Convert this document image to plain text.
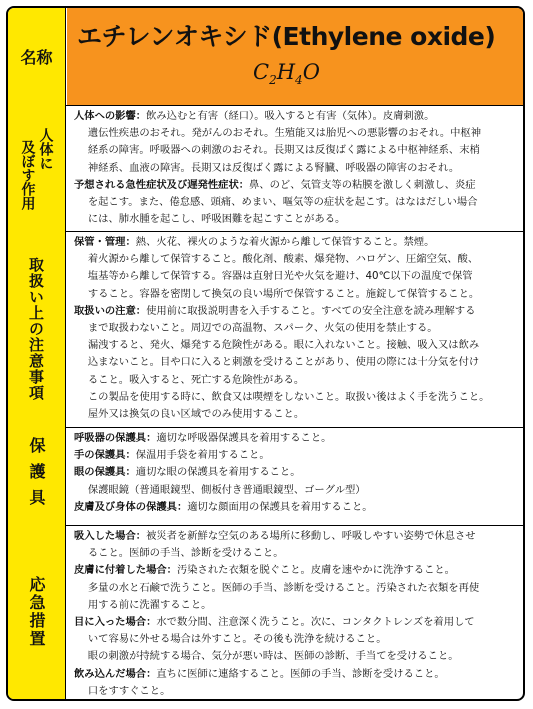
名称
エチレンオキシド(Ethylene oxide)
$C_2H_4O$
人体に
及ぼす作用

人体への影響：飲み込むと有害（経口）。吸入すると有害（気体）。皮膚刺激。

遺伝性疾患のおそれ。発がんのおそれ。生殖能又は胎児への悪影響のおそれ。中枢神

経系の障害。呼吸器への刺激のおそれ。長期又は反復ばく露による中枢神経系、末梢

神経系、血液の障害。長期又は反復ばく露による腎臓、呼吸器の障害のおそれ。

予想される急性症状及び遅発性症状：鼻、のど、気管支等の粘膜を激しく刺激し、炎症

を起こす。また、倦怠感、頭痛、めまい、嘔気等の症状を起こす。はなはだしい場合

には、肺水腫を起こし、呼吸困難を起こすことがある。

取扱い上の注意事項

保管・管理：熱、火花、裸火のような着火源から離して保管すること。禁煙。

着火源から離して保管すること。酸化剤、酸素、爆発物、ハロゲン、圧縮空気、酸、

塩基等から離して保管する。容器は直射日光や火気を避け、40℃以下の温度で保管

すること。容器を密閉して換気の良い場所で保管すること。施錠して保管すること。

取扱いの注意：使用前に取扱説明書を入手すること。すべての安全注意を読み理解する

まで取扱わないこと。周辺での高温物、スパーク、火気の使用を禁止する。

漏洩すると、発火、爆発する危険性がある。眼に入れないこと。接触、吸入又は飲み

込まないこと。目や口に入ると刺激を受けることがあり、使用の際には十分気を付け

ること。吸入すると、死亡する危険性がある。

この製品を使用する時に、飲食又は喫煙をしないこと。取扱い後はよく手を洗うこと。

屋外又は換気の良い区域でのみ使用すること。

保護具	呼吸器の保護具：適切な呼吸器保護具を着用すること。

手の保護具：保温用手袋を着用すること。

眼の保護具：適切な眼の保護具を着用すること。

保護眼鏡（普通眼鏡型、側板付き普通眼鏡型、ゴーグル型）

皮膚及び身体の保護具：適切な顔面用の保護具を着用すること。

応急措置

吸入した場合：被災者を新鮮な空気のある場所に移動し、呼吸しやすい姿勢で休息させ

ること。医師の手当、診断を受けること。

皮膚に付着した場合：汚染された衣類を脱ぐこと。皮膚を速やかに洗浄すること。

多量の水と石鹸で洗うこと。医師の手当、診断を受けること。汚染された衣類を再使

用する前に洗濯すること。

目に入った場合：水で数分間、注意深く洗うこと。次に、コンタクトレンズを着用して

いて容易に外せる場合は外すこと。その後も洗浄を続けること。

眼の刺激が持続する場合、気分が悪い時は、医師の診断、手当てを受けること。

飲み込んだ場合：直ちに医師に連絡すること。医師の手当、診断を受けること。

口をすすぐこと。
